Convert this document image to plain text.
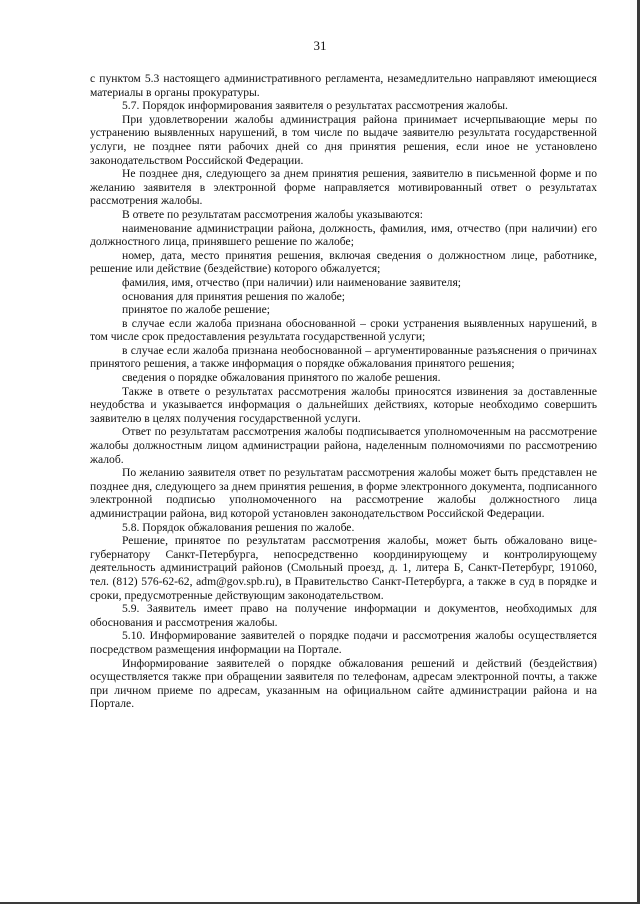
31

с пунктом 5.3 настоящего административного регламента, незамедлительно направляют имеющиеся материалы в органы прокуратуры.

5.7. Порядок информирования заявителя о результатах рассмотрения жалобы.

При удовлетворении жалобы администрация района принимает исчерпывающие меры по устранению выявленных нарушений, в том числе по выдаче заявителю результата государственной услуги, не позднее пяти рабочих дней со дня принятия решения, если иное не установлено законодательством Российской Федерации.

Не позднее дня, следующего за днем принятия решения, заявителю в письменной форме и по желанию заявителя в электронной форме направляется мотивированный ответ о результатах рассмотрения жалобы.

В ответе по результатам рассмотрения жалобы указываются:

наименование администрации района, должность, фамилия, имя, отчество (при наличии) его должностного лица, принявшего решение по жалобе;

номер, дата, место принятия решения, включая сведения о должностном лице, работнике, решение или действие (бездействие) которого обжалуется;

фамилия, имя, отчество (при наличии) или наименование заявителя;

основания для принятия решения по жалобе;

принятое по жалобе решение;

в случае если жалоба признана обоснованной – сроки устранения выявленных нарушений, в том числе срок предоставления результата государственной услуги;

в случае если жалоба признана необоснованной – аргументированные разъяснения о причинах принятого решения, а также информация о порядке обжалования принятого решения;

сведения о порядке обжалования принятого по жалобе решения.

Также в ответе о результатах рассмотрения жалобы приносятся извинения за доставленные неудобства и указывается информация о дальнейших действиях, которые необходимо совершить заявителю в целях получения государственной услуги.

Ответ по результатам рассмотрения жалобы подписывается уполномоченным на рассмотрение жалобы должностным лицом администрации района, наделенным полномочиями по рассмотрению жалоб.

По желанию заявителя ответ по результатам рассмотрения жалобы может быть представлен не позднее дня, следующего за днем принятия решения, в форме электронного документа, подписанного электронной подписью уполномоченного на рассмотрение жалобы должностного лица администрации района, вид которой установлен законодательством Российской Федерации.

5.8. Порядок обжалования решения по жалобе.

Решение, принятое по результатам рассмотрения жалобы, может быть обжаловано вице-губернатору Санкт-Петербурга, непосредственно координирующему и контролирующему деятельность администраций районов (Смольный проезд, д. 1, литера Б, Санкт-Петербург, 191060, тел. (812) 576-62-62, adm@gov.spb.ru), в Правительство Санкт-Петербурга, а также в суд в порядке и сроки, предусмотренные действующим законодательством.

5.9. Заявитель имеет право на получение информации и документов, необходимых для обоснования и рассмотрения жалобы.

5.10. Информирование заявителей о порядке подачи и рассмотрения жалобы осуществляется посредством размещения информации на Портале.

Информирование заявителей о порядке обжалования решений и действий (бездействия) осуществляется также при обращении заявителя по телефонам, адресам электронной почты, а также при личном приеме по адресам, указанным на официальном сайте администрации района и на Портале.
